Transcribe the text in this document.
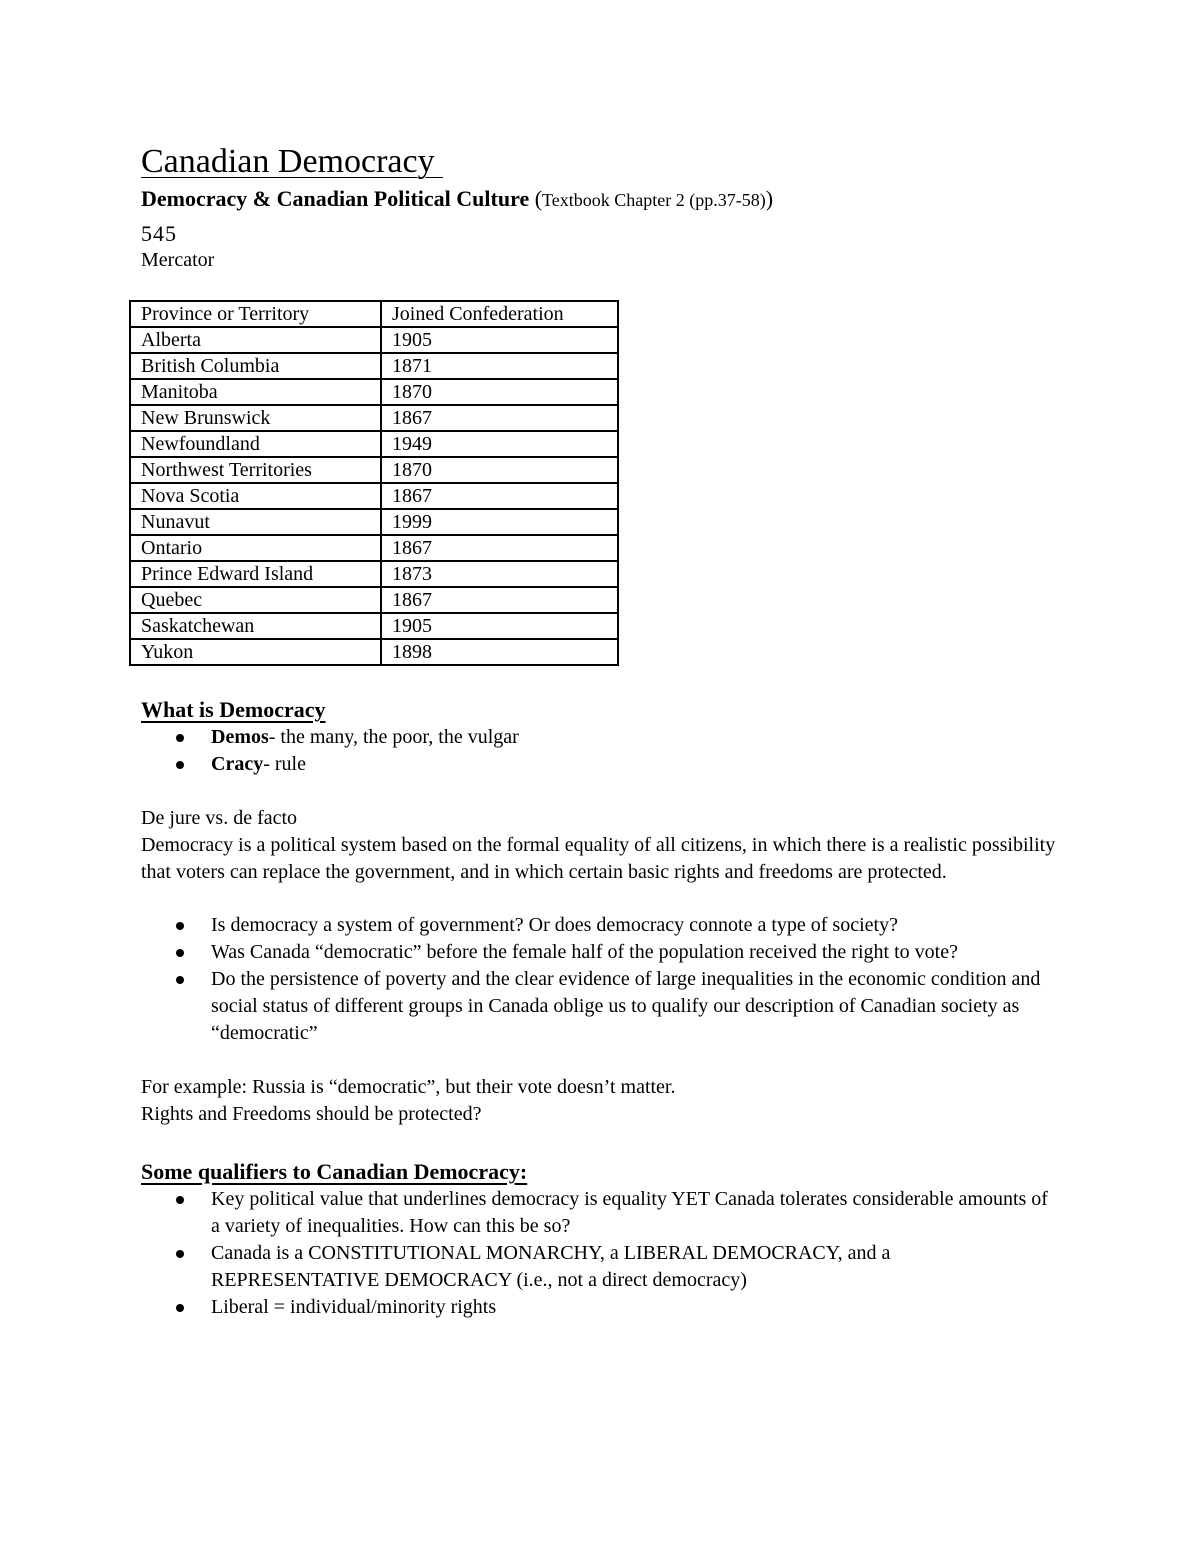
Canadian Democracy
Democracy & Canadian Political Culture (Textbook Chapter 2 (pp.37-58))
545
Mercator
Province or Territory	Joined Confederation
Alberta	1905
British Columbia	1871
Manitoba	1870
New Brunswick	1867
Newfoundland	1949
Northwest Territories	1870
Nova Scotia	1867
Nunavut	1999
Ontario	1867
Prince Edward Island	1873
Quebec	1867
Saskatchewan	1905
Yukon	1898
What is Democracy
Demos- the many, the poor, the vulgar
Cracy- rule

De jure vs. de facto

Democracy is a political system based on the formal equality of all citizens, in which there is a realistic possibility that voters can replace the government, and in which certain basic rights and freedoms are protected.

Is democracy a system of government? Or does democracy connote a type of society?
Was Canada “democratic” before the female half of the population received the right to vote?
Do the persistence of poverty and the clear evidence of large inequalities in the economic condition and social status of different groups in Canada oblige us to qualify our description of Canadian society as “democratic”

For example: Russia is “democratic”, but their vote doesn’t matter.

Rights and Freedoms should be protected?

Some qualifiers to Canadian Democracy:
Key political value that underlines democracy is equality YET Canada tolerates considerable amounts of a variety of inequalities. How can this be so?
Canada is a CONSTITUTIONAL MONARCHY, a LIBERAL DEMOCRACY, and a REPRESENTATIVE DEMOCRACY (i.e., not a direct democracy)
Liberal = individual/minority rights
